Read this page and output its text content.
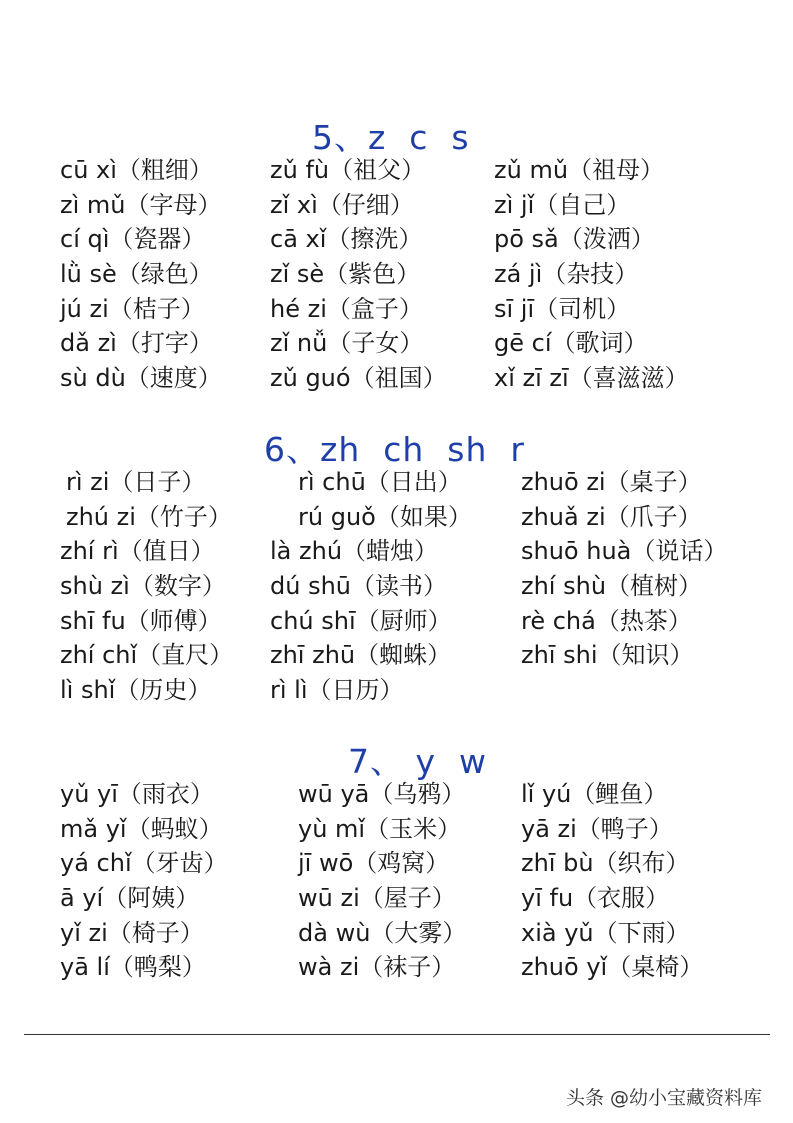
5、z  c  s
cū xì（粗细） zǔ fù（祖父）	zǔ mǔ（祖母）
zì mǔ（字母） zǐ xì（仔细）	zì jǐ（自己）
cí qì（瓷器）	cā xǐ（擦洗）	pō sǎ（泼洒）
lǜ sè（绿色） zǐ sè（紫色）	zá jì（杂技）
jú zi（桔子）	hé zi（盒子）	sī jī（司机）
dǎ zì（打字） zǐ nǚ（子女）	gē cí（歌词）
sù dù（速度） zǔ guó（祖国） xǐ zī zī（喜滋滋）
6、zh  ch  sh  r
rì zi（日子）	rì chū（日出） zhuō zi（桌子）
zhú zi（竹子）	rú guǒ（如果） zhuǎ zi（爪子）
zhí rì（值日） là zhú（蜡烛）	shuō huà（说话）
shù zì（数字） dú shū（读书）	zhí shù（植树）
shī fu（师傅） chú shī（厨师）	rè chá（热茶）
zhí chǐ（直尺） zhī zhū（蜘蛛）	zhī shi（知识）
lì shǐ（历史） rì lì（日历）
7、 y  w
yǔ yī（雨衣）	wū yā（乌鸦） lǐ yú（鲤鱼）
mǎ yǐ（蚂蚁）	yù mǐ（玉米） yā zi（鸭子）
yá chǐ（牙齿）	jī wō（鸡窝）	zhī bù（织布）
ā yí（阿姨）	wū zi（屋子）	yī fu（衣服）
yǐ zi（椅子）	dà wù（大雾） xià yǔ（下雨）
yā lí（鸭梨）	wà zi（袜子）	zhuō yǐ（桌椅）
头条 @幼小宝藏资料库
